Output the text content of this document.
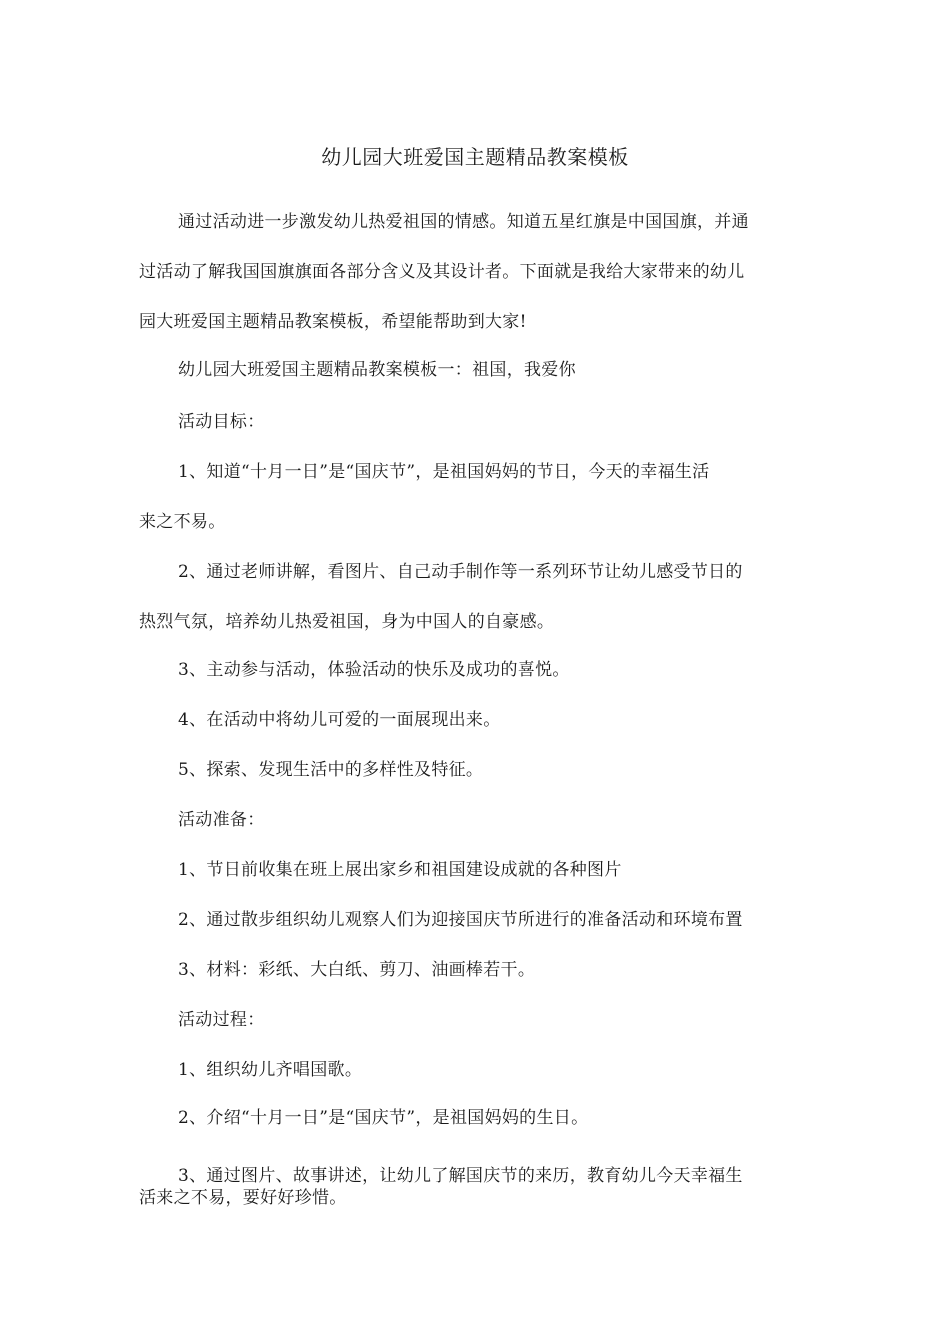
幼儿园大班爱国主题精品教案模板
通过活动进一步激发幼儿热爱祖国的情感。知道五星红旗是中国国旗，并通
过活动了解我国国旗旗面各部分含义及其设计者。下面就是我给大家带来的幼儿
园大班爱国主题精品教案模板，希望能帮助到大家!
幼儿园大班爱国主题精品教案模板一：祖国，我爱你
活动目标：
1、知道“十月一日”是“国庆节”，是祖国妈妈的节日，今天的幸福生活
来之不易。
2、通过老师讲解，看图片、自己动手制作等一系列环节让幼儿感受节日的
热烈气氛，培养幼儿热爱祖国，身为中国人的自豪感。
3、主动参与活动，体验活动的快乐及成功的喜悦。
4、在活动中将幼儿可爱的一面展现出来。
5、探索、发现生活中的多样性及特征。
活动准备：
1、节日前收集在班上展出家乡和祖国建设成就的各种图片
2、通过散步组织幼儿观察人们为迎接国庆节所进行的准备活动和环境布置
3、材料：彩纸、大白纸、剪刀、油画棒若干。
活动过程：
1、组织幼儿齐唱国歌。
2、介绍“十月一日”是“国庆节”，是祖国妈妈的生日。
3、通过图片、故事讲述，让幼儿了解国庆节的来历，教育幼儿今天幸福生
活来之不易，要好好珍惜。
